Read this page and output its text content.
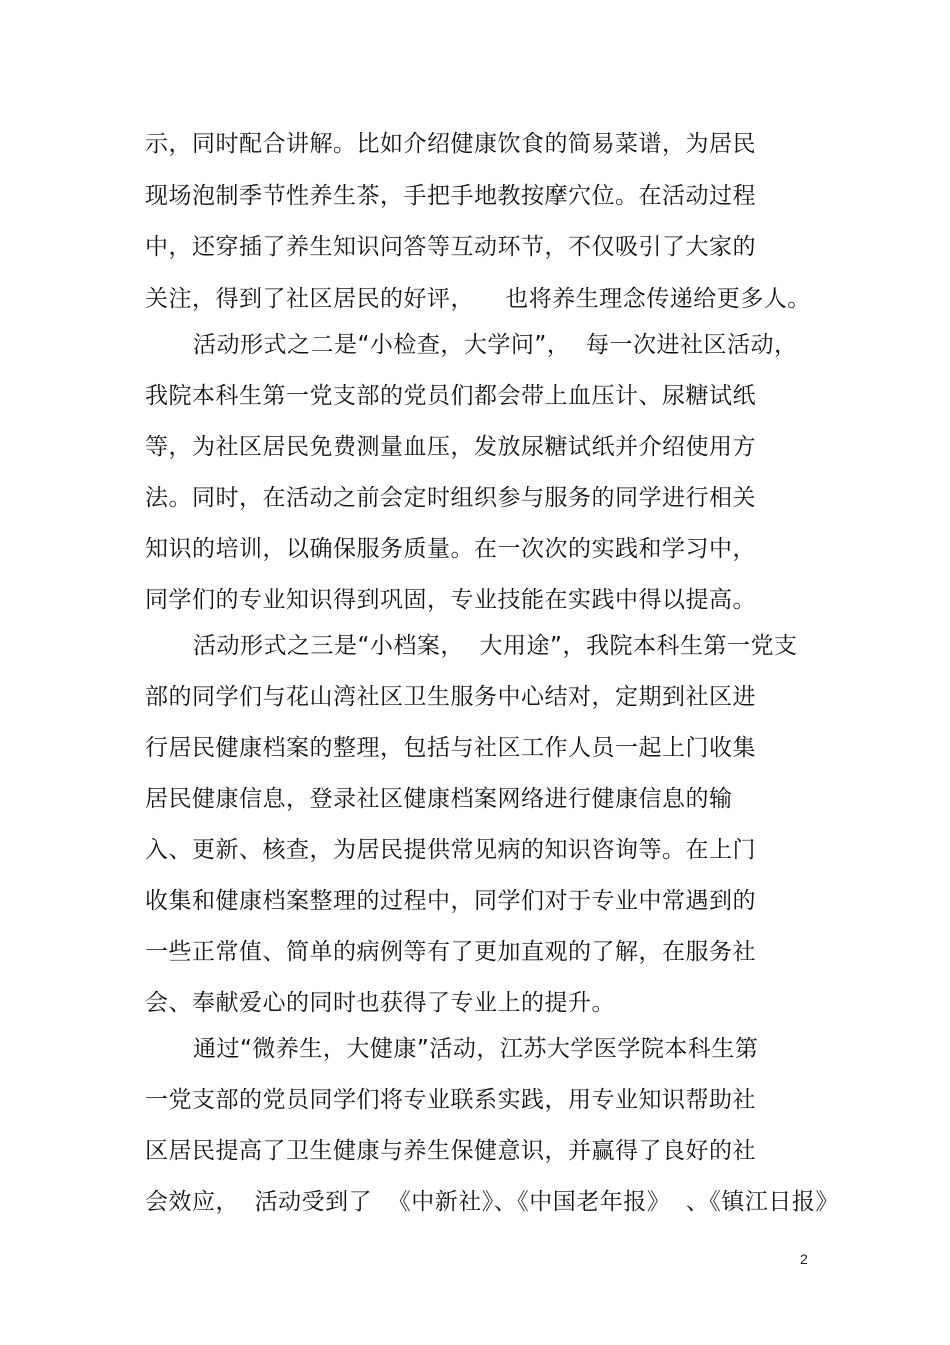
示，同时配合讲解。比如介绍健康饮食的简易菜谱，为居民
现场泡制季节性养生茶，手把手地教按摩穴位。在活动过程
中，还穿插了养生知识问答等互动环节，不仅吸引了大家的
关注，得到了社区居民的好评，    也将养生理念传递给更多人。
活动形式之二是“小检查，大学问”，  每一次进社区活动，
我院本科生第一党支部的党员们都会带上血压计、尿糖试纸
等，为社区居民免费测量血压，发放尿糖试纸并介绍使用方
法。同时，在活动之前会定时组织参与服务的同学进行相关
知识的培训，以确保服务质量。在一次次的实践和学习中，
同学们的专业知识得到巩固，专业技能在实践中得以提高。
活动形式之三是“小档案，  大用途”，我院本科生第一党支
部的同学们与花山湾社区卫生服务中心结对，定期到社区进
行居民健康档案的整理，包括与社区工作人员一起上门收集
居民健康信息，登录社区健康档案网络进行健康信息的输
入、更新、核查，为居民提供常见病的知识咨询等。在上门
收集和健康档案整理的过程中，同学们对于专业中常遇到的
一些正常值、简单的病例等有了更加直观的了解，在服务社
会、奉献爱心的同时也获得了专业上的提升。
通过“微养生，大健康”活动，江苏大学医学院本科生第
一党支部的党员同学们将专业联系实践，用专业知识帮助社
区居民提高了卫生健康与养生保健意识，并赢得了良好的社
会效应，  活动受到了  《中新社》、《中国老年报》  、《镇江日报》
2
